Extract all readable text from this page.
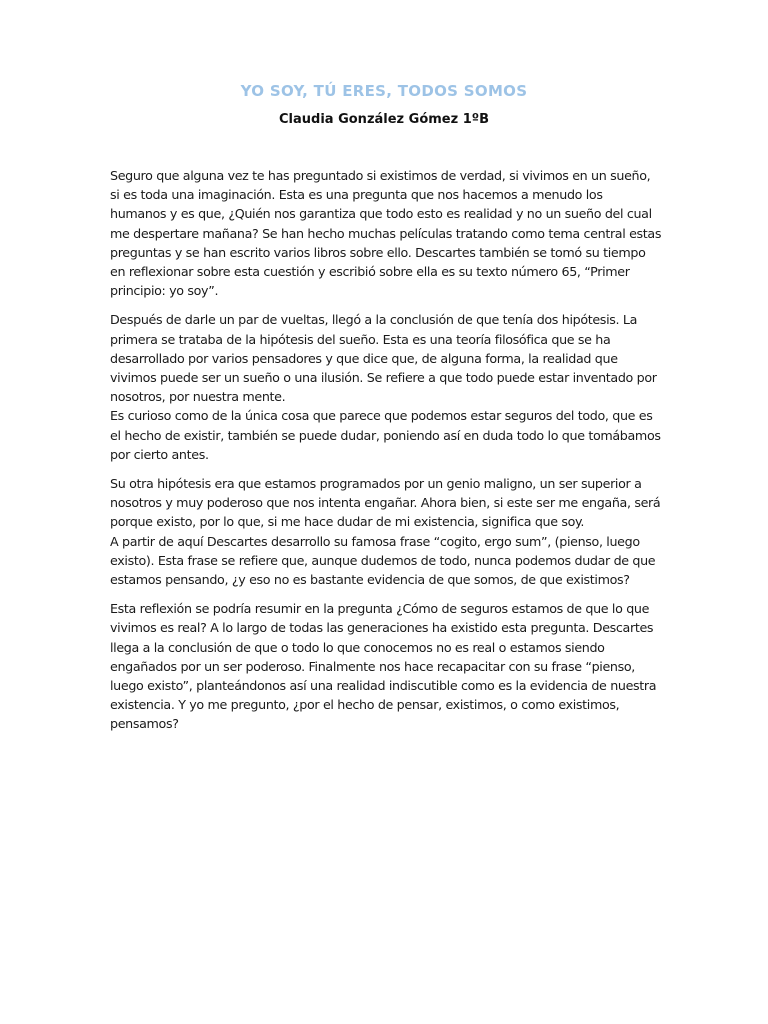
YO SOY, TÚ ERES, TODOS SOMOS
Claudia González Gómez 1ºB

Seguro que alguna vez te has preguntado si existimos de verdad, si vivimos en un sueño, si es toda una imaginación. Esta es una pregunta que nos hacemos a menudo los humanos y es que, ¿Quién nos garantiza que todo esto es realidad y no un sueño del cual me despertare mañana? Se han hecho muchas películas tratando como tema central estas preguntas y se han escrito varios libros sobre ello. Descartes también se tomó su tiempo en reflexionar sobre esta cuestión y escribió sobre ella es su texto número 65, “Primer principio: yo soy”.

Después de darle un par de vueltas, llegó a la conclusión de que tenía dos hipótesis. La primera se trataba de la hipótesis del sueño. Esta es una teoría filosófica que se ha desarrollado por varios pensadores y que dice que, de alguna forma, la realidad que vivimos puede ser un sueño o una ilusión. Se refiere a que todo puede estar inventado por nosotros, por nuestra mente.
Es curioso como de la única cosa que parece que podemos estar seguros del todo, que es el hecho de existir, también se puede dudar, poniendo así en duda todo lo que tomábamos por cierto antes.

Su otra hipótesis era que estamos programados por un genio maligno, un ser superior a nosotros y muy poderoso que nos intenta engañar. Ahora bien, si este ser me engaña, será porque existo, por lo que, si me hace dudar de mi existencia, significa que soy.
A partir de aquí Descartes desarrollo su famosa frase “cogito, ergo sum”, (pienso, luego existo). Esta frase se refiere que, aunque dudemos de todo, nunca podemos dudar de que estamos pensando, ¿y eso no es bastante evidencia de que somos, de que existimos?

Esta reflexión se podría resumir en la pregunta ¿Cómo de seguros estamos de que lo que vivimos es real? A lo largo de todas las generaciones ha existido esta pregunta. Descartes llega a la conclusión de que o todo lo que conocemos no es real o estamos siendo engañados por un ser poderoso. Finalmente nos hace recapacitar con su frase “pienso, luego existo”, planteándonos así una realidad indiscutible como es la evidencia de nuestra existencia. Y yo me pregunto, ¿por el hecho de pensar, existimos, o como existimos, pensamos?
